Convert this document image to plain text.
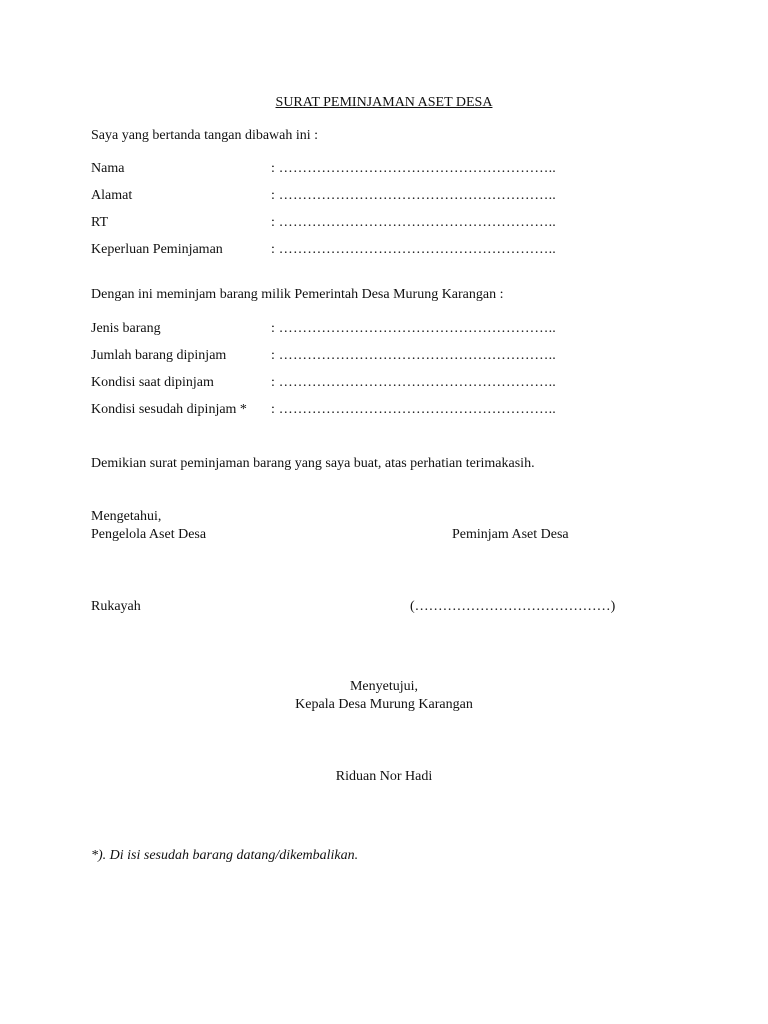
SURAT PEMINJAMAN ASET DESA
Saya yang bertanda tangan dibawah ini :
Nama	: …………………………………………………..
Alamat	: …………………………………………………..
RT	: …………………………………………………..
Keperluan Peminjaman	: …………………………………………………..
Dengan ini meminjam barang milik Pemerintah Desa Murung Karangan :
Jenis barang	: …………………………………………………..
Jumlah barang dipinjam	: …………………………………………………..
Kondisi saat dipinjam	: …………………………………………………..
Kondisi sesudah dipinjam * : …………………………………………………..
Demikian surat peminjaman barang yang saya buat, atas perhatian terimakasih.
Mengetahui,
Pengelola Aset Desa	Peminjam Aset Desa
Rukayah	(……………………………………)
Menyetujui,
Kepala Desa Murung Karangan
Riduan Nor Hadi
*). Di isi sesudah barang datang/dikembalikan.
